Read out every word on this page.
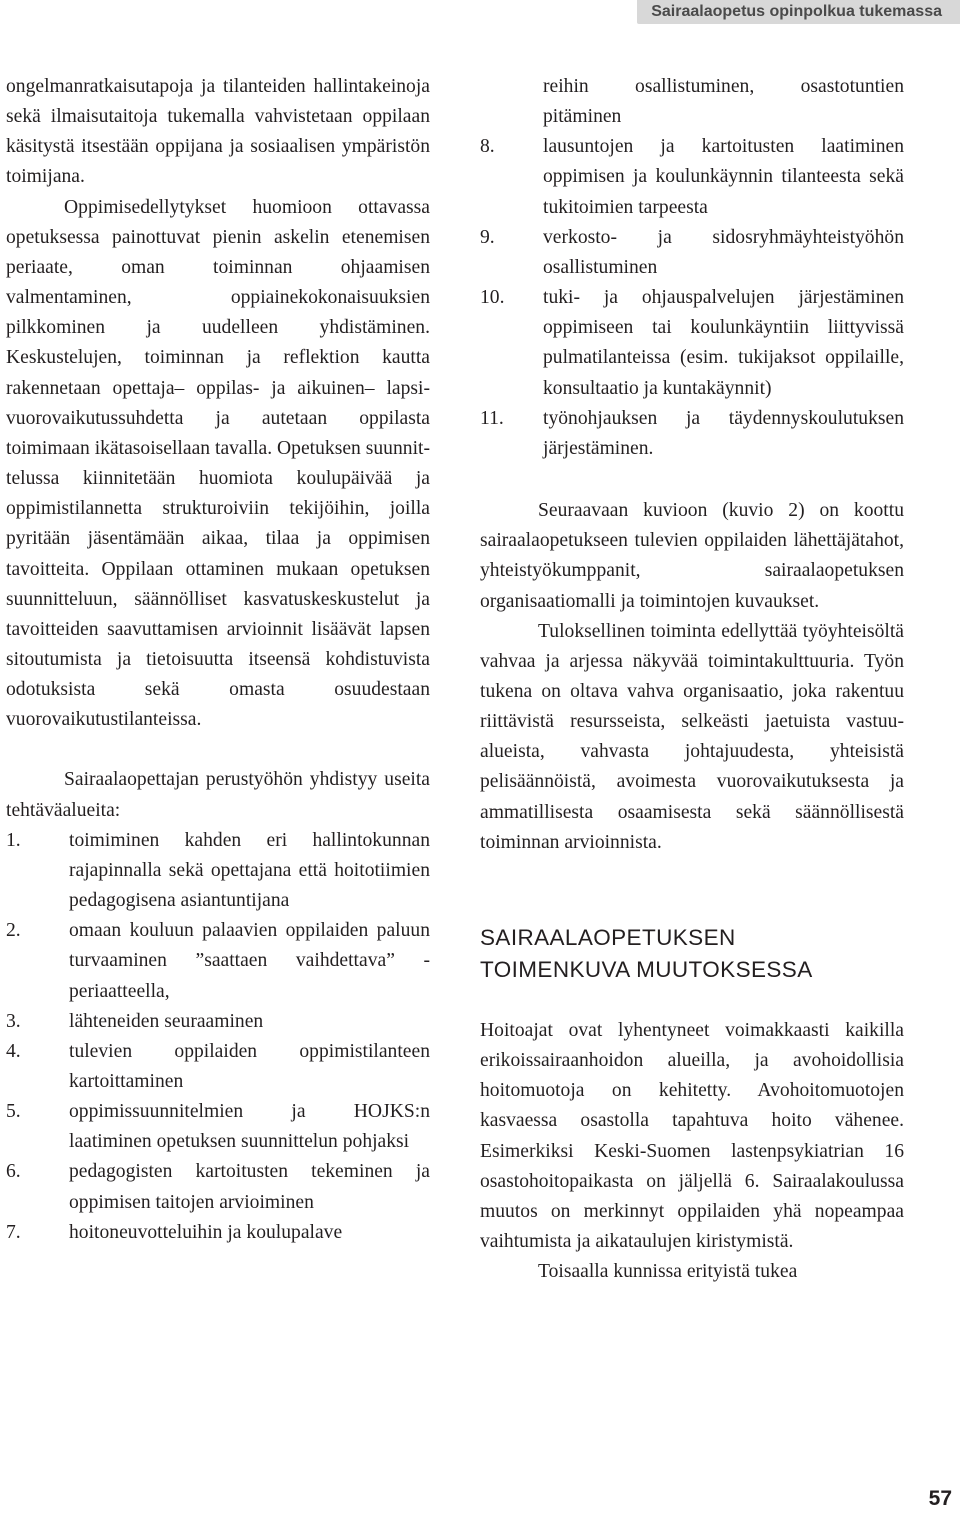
Sairaalaopetus opinpolkua tukemassa

ongelmanratkaisutapoja ja tilanteiden hallintakeinoja sekä ilmaisutaitoja tukemalla vahvistetaan oppilaan käsitystä itsestään oppijana ja sosiaalisen ympäristön toimijana.

Oppimisedellytykset huomioon ottavassa opetuksessa painottuvat pienin askelin etenemisen periaate, oman toiminnan ohjaamisen valmentaminen, oppiainekokonaisuuksien pilkkominen ja uudelleen yhdistäminen. Keskustelujen, toiminnan ja reflektion kautta rakennetaan opettaja– oppilas- ja aikuinen– lapsi-vuorovaikutussuhdetta ja autetaan oppilasta toimimaan ikätasoisellaan tavalla. Opetuksen suunnittelussa kiinnitetään huomiota koulupäivää ja oppimistilannetta strukturoiviin tekijöihin, joilla pyritään jäsentämään aikaa, tilaa ja oppimisen tavoitteita. Oppilaan ottaminen mukaan opetuksen suunnitteluun, säännölliset kasvatuskeskustelut ja tavoitteiden saavuttamisen arvioinnit lisäävät lapsen sitoutumista ja tietoisuutta itseensä kohdistuvista odotuksista sekä omasta osuudestaan vuorovaikutustilanteissa.

Sairaalaopettajan perustyöhön yhdistyy useita tehtäväalueita:

1. toimiminen kahden eri hallintokunnan rajapinnalla sekä opettajana että hoitotiimien pedagogisena asiantuntijana
2. omaan kouluun palaavien oppilaiden paluun turvaaminen ”saattaen vaihdettava” -periaatteella,
3. lähteneiden seuraaminen
4. tulevien oppilaiden oppimistilanteen kartoittaminen
5. oppimissuunnitelmien ja HOJKS:n laatiminen opetuksen suunnittelun pohjaksi
6. pedagogisten kartoitusten tekeminen ja oppimisen taitojen arvioiminen
7. hoitoneuvotteluihin ja koulupalave

reihin osallistuminen, osastotuntien pitäminen

8. lausuntojen ja kartoitusten laatiminen oppimisen ja koulunkäynnin tilanteesta sekä tukitoimien tarpeesta
9. verkosto- ja sidosryhmäyhteistyöhön osallistuminen
10. tuki- ja ohjauspalvelujen järjestäminen oppimiseen tai koulunkäyntiin liittyvissä pulmatilanteissa (esim. tukijaksot oppilaille, konsultaatio ja kuntakäynnit)
11. työnohjauksen ja täydennyskoulutuksen järjestäminen.

Seuraavaan kuvioon (kuvio 2) on koottu sairaalaopetukseen tulevien oppilaiden lähettäjätahot, yhteistyökumppanit, sairaalaopetuksen organisaatiomalli ja toimintojen kuvaukset.

Tuloksellinen toiminta edellyttää työyhteisöltä vahvaa ja arjessa näkyvää toimintakulttuuria. Työn tukena on oltava vahva organisaatio, joka rakentuu riittävistä resursseista, selkeästi jaetuista vastuualueista, vahvasta johtajuudesta, yhteisistä pelisäännöistä, avoimesta vuorovaikutuksesta ja ammatillisesta osaamisesta sekä säännöllisestä toiminnan arvioinnista.

SAIRAALAOPETUKSEN
TOIMENKUVA MUUTOKSESSA

Hoitoajat ovat lyhentyneet voimakkaasti kaikilla erikoissairaanhoidon alueilla, ja avohoidollisia hoitomuotoja on kehitetty. Avohoitomuotojen kasvaessa osastolla tapahtuva hoito vähenee. Esimerkiksi Keski-Suomen lastenpsykiatrian 16 osastohoitopaikasta on jäljellä 6. Sairaalakoulussa muutos on merkinnyt oppilaiden yhä nopeampaa vaihtumista ja aikataulujen kiristymistä.

Toisaalla kunnissa erityistä tukea

57
